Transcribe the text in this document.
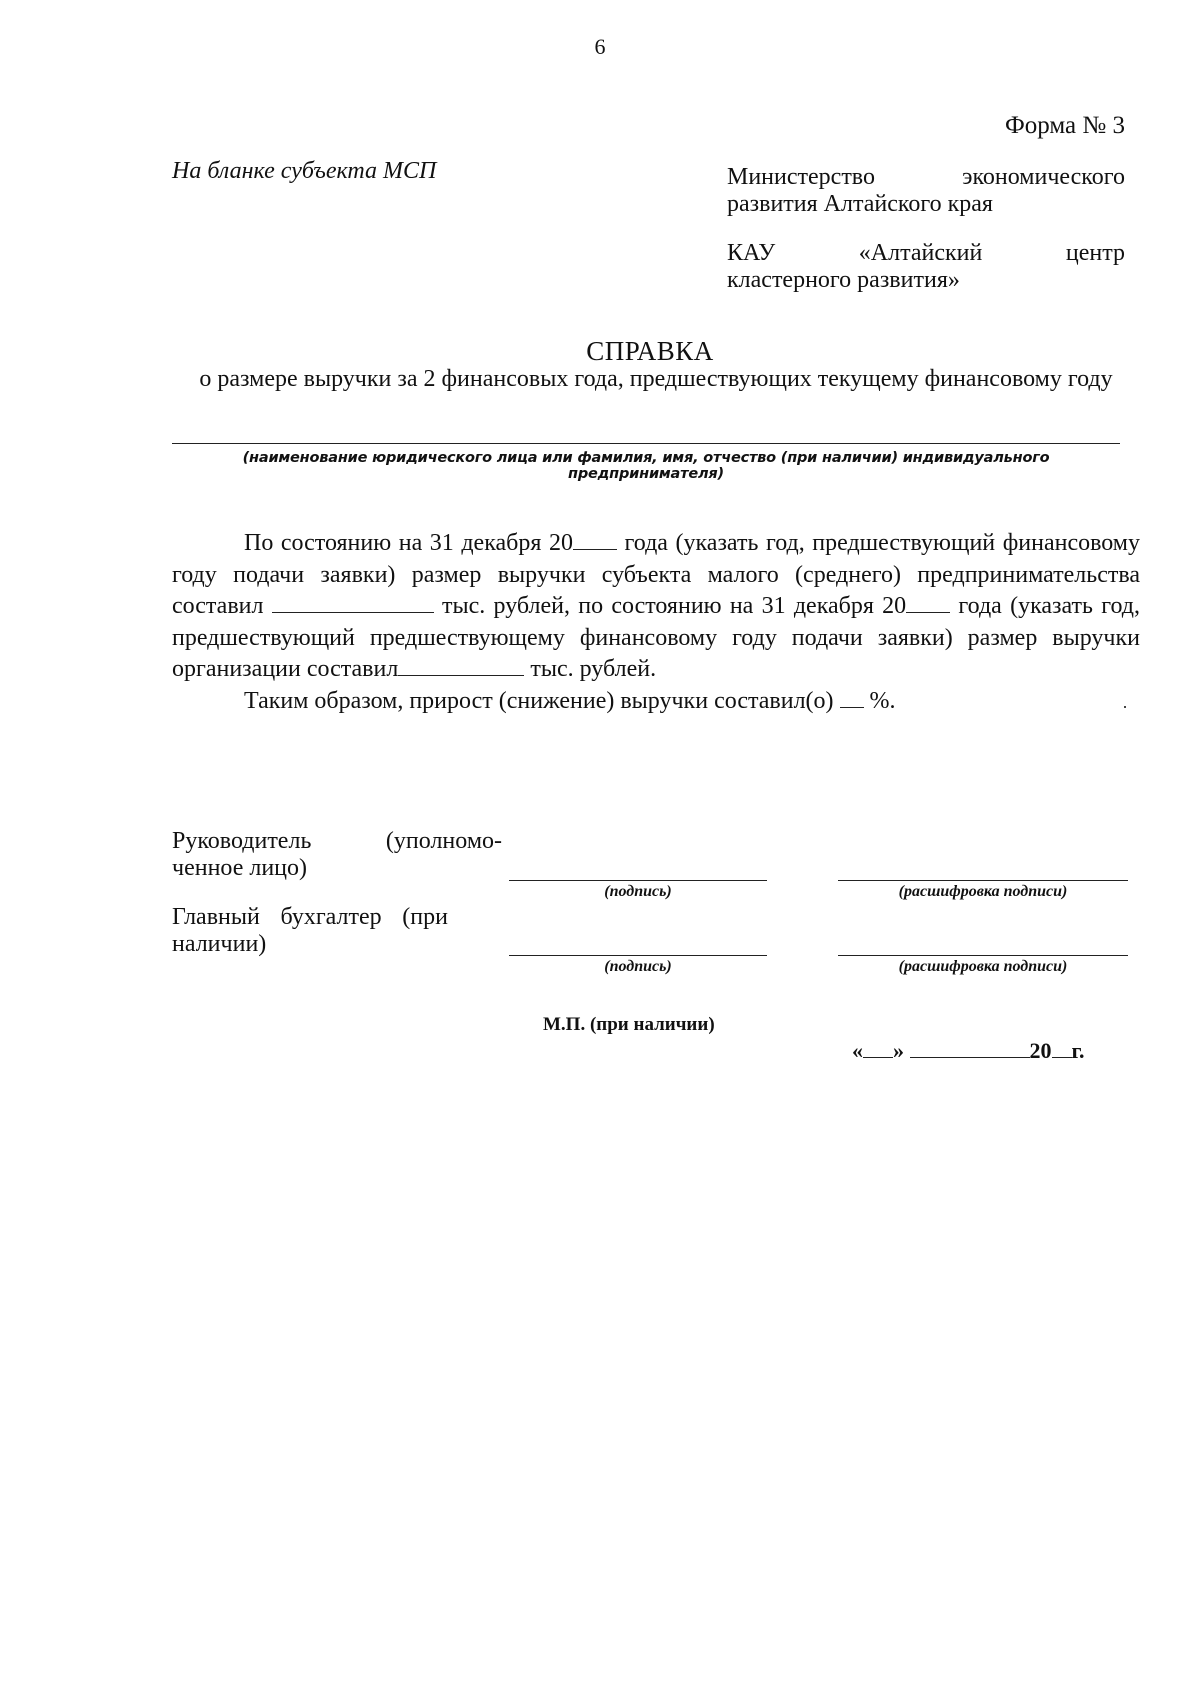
6
Форма № 3
На бланке субъекта МСП	Министерство экономического
развития Алтайского края
КАУ «Алтайский центр
кластерного развития»
СПРАВКА
о размере выручки за 2 финансовых года, предшествующих текущему финансовому году
(наименование юридического лица или фамилия, имя, отчество (при наличии) индивидуального предпринимателя)

По состоянию на 31 декабря 20 года (указать год, предшествующий финансовому году подачи заявки) размер выручки субъекта малого (среднего) предпринимательства составил	тыс. рублей, по состоянию на 31 декабря 20 года (указать год, предшествующий предшествующему финансовому году подачи заявки) размер выручки организации составил	тыс. рублей.

Таким образом, прирост (снижение) выручки составил(о)  %.

Руководитель (уполномо-
ченное лицо)
(подпись)	(расшифровка подписи)
Главный бухгалтер (при
наличии)
(подпись)	(расшифровка подписи)
М.П. (при наличии)
« »	20 г.
